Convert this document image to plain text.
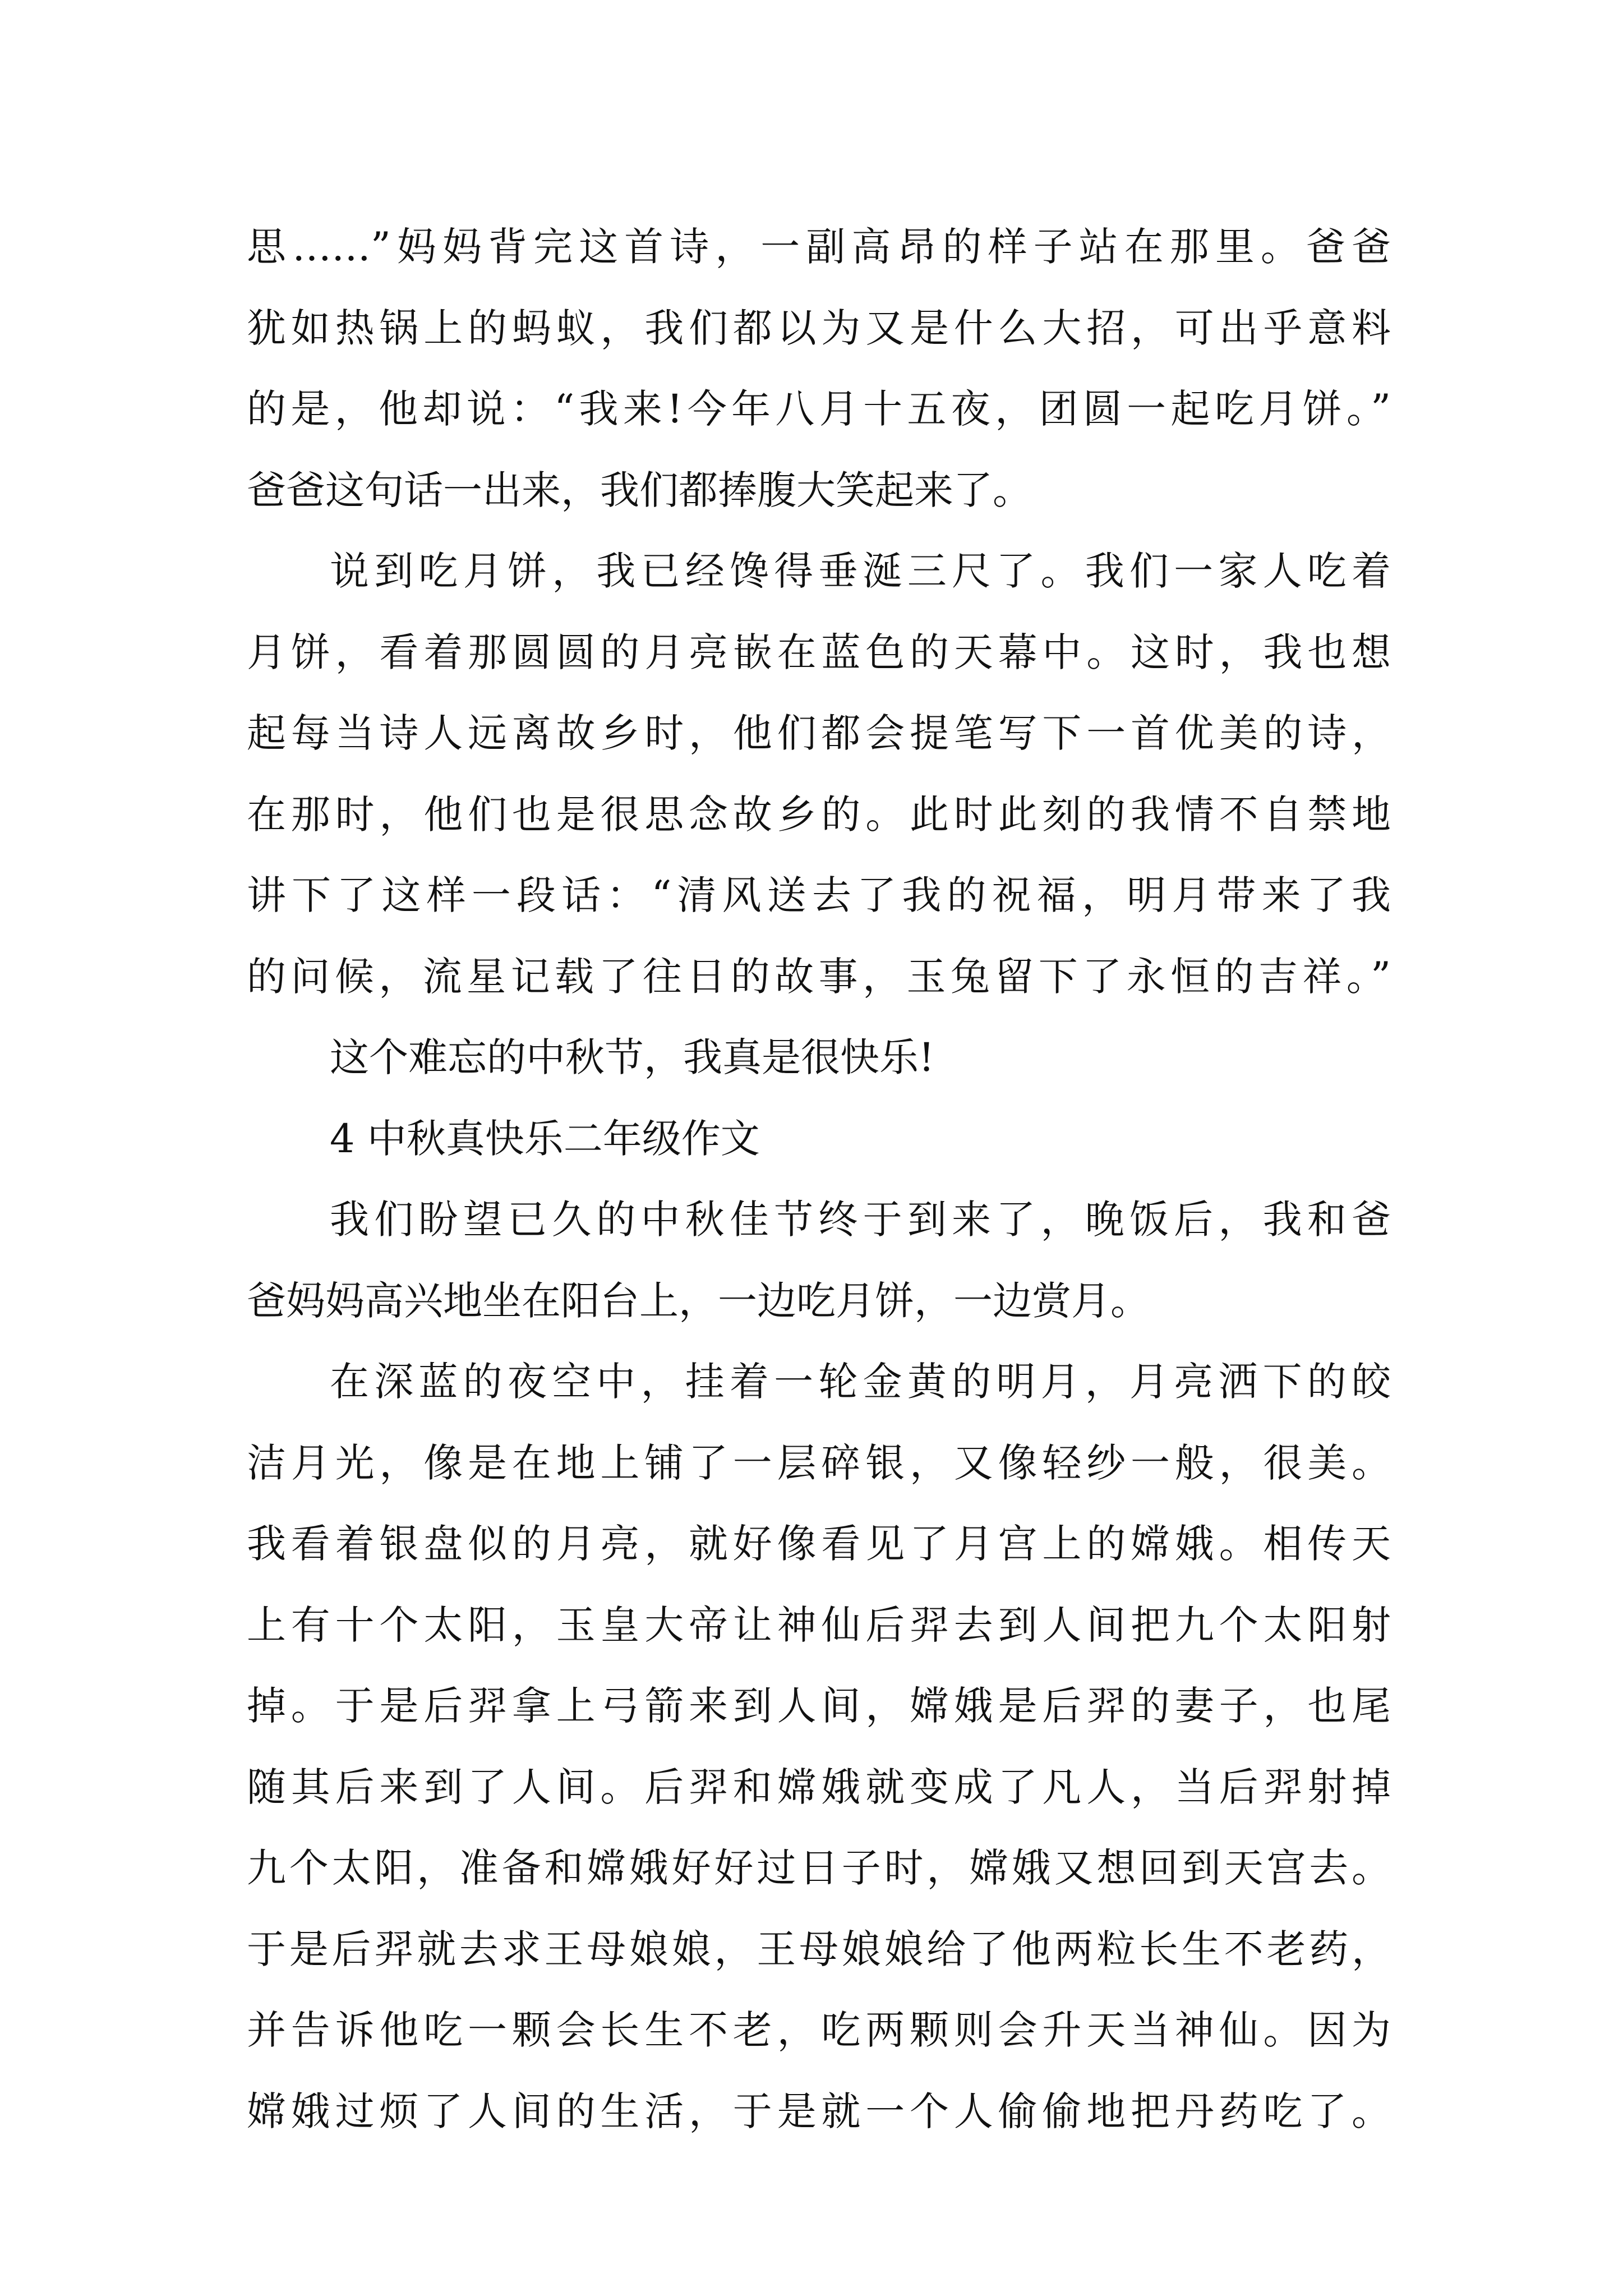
思……”妈妈背完这首诗，一副高昂的样子站在那里。爸爸
犹如热锅上的蚂蚁，我们都以为又是什么大招，可出乎意料
的是，他却说：“我来!今年八月十五夜，团圆一起吃月饼。”
爸爸这句话一出来，我们都捧腹大笑起来了。
说到吃月饼，我已经馋得垂涎三尺了。我们一家人吃着
月饼，看着那圆圆的月亮嵌在蓝色的天幕中。这时，我也想
起每当诗人远离故乡时，他们都会提笔写下一首优美的诗，
在那时，他们也是很思念故乡的。此时此刻的我情不自禁地
讲下了这样一段话：“清风送去了我的祝福，明月带来了我
的问候，流星记载了往日的故事，玉兔留下了永恒的吉祥。”
这个难忘的中秋节，我真是很快乐!
4 中秋真快乐二年级作文
我们盼望已久的中秋佳节终于到来了，晚饭后，我和爸
爸妈妈高兴地坐在阳台上，一边吃月饼，一边赏月。
在深蓝的夜空中，挂着一轮金黄的明月，月亮洒下的皎
洁月光，像是在地上铺了一层碎银，又像轻纱一般，很美。
我看着银盘似的月亮，就好像看见了月宫上的嫦娥。相传天
上有十个太阳，玉皇大帝让神仙后羿去到人间把九个太阳射
掉。于是后羿拿上弓箭来到人间，嫦娥是后羿的妻子，也尾
随其后来到了人间。后羿和嫦娥就变成了凡人，当后羿射掉
九个太阳，准备和嫦娥好好过日子时，嫦娥又想回到天宫去。
于是后羿就去求王母娘娘，王母娘娘给了他两粒长生不老药，
并告诉他吃一颗会长生不老，吃两颗则会升天当神仙。因为
嫦娥过烦了人间的生活，于是就一个人偷偷地把丹药吃了。
